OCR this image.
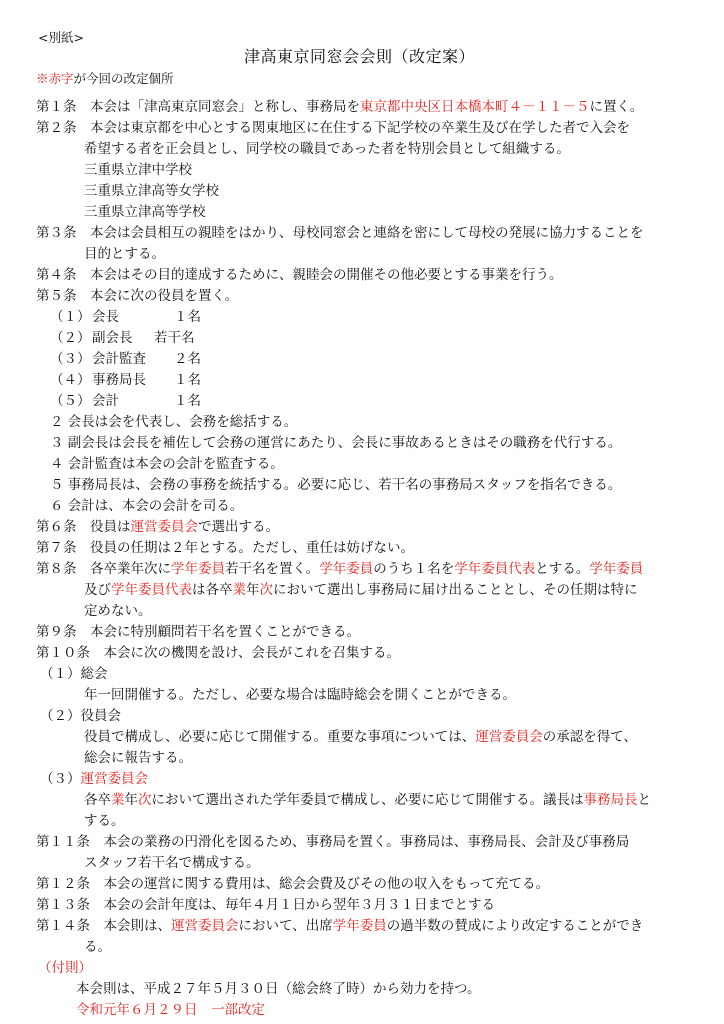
<別紙>
津高東京同窓会会則（改定案）
※赤字が今回の改定個所
第１条　本会は「津高東京同窓会」と称し、事務局を東京都中央区日本橋本町４－１１－５に置く。
第２条　本会は東京都を中心とする関東地区に在住する下記学校の卒業生及び在学した者で入会を
希望する者を正会員とし、同学校の職員であった者を特別会員として組織する。
三重県立津中学校
三重県立津高等女学校
三重県立津高等学校
第３条　本会は会員相互の親睦をはかり、母校同窓会と連絡を密にして母校の発展に協力することを
目的とする。
第４条　本会はその目的達成するために、親睦会の開催その他必要とする事業を行う。
第５条　本会に次の役員を置く。
（１） 会長	１名
（２） 副会長 若干名
（３） 会計監査 ２名
（４） 事務局長 １名
（５） 会計	１名
２ 会長は会を代表し、会務を総括する。
３ 副会長は会長を補佐して会務の運営にあたり、会長に事故あるときはその職務を代行する。
４ 会計監査は本会の会計を監査する。
５ 事務局長は、会務の事務を統括する。必要に応じ、若干名の事務局スタッフを指名できる。
６ 会計は、本会の会計を司る。
第６条　役員は運営委員会で選出する。
第７条　役員の任期は２年とする。ただし、重任は妨げない。
第８条　各卒業年次に学年委員若干名を置く。学年委員のうち１名を学年委員代表とする。学年委員
及び学年委員代表は各卒業年次において選出し事務局に届け出ることとし、その任期は特に
定めない。
第９条　本会に特別顧問若干名を置くことができる。
第１０条　本会に次の機関を設け、会長がこれを召集する。
（１）総会
年一回開催する。ただし、必要な場合は臨時総会を開くことができる。
（２）役員会
役員で構成し、必要に応じて開催する。重要な事項については、運営委員会の承認を得て、
総会に報告する。
（３）運営委員会
各卒業年次において選出された学年委員で構成し、必要に応じて開催する。議長は事務局長と
する。
第１１条　本会の業務の円滑化を図るため、事務局を置く。事務局は、事務局長、会計及び事務局
スタッフ若干名で構成する。
第１２条　本会の運営に関する費用は、総会会費及びその他の収入をもって充てる。
第１３条　本会の会計年度は、毎年４月１日から翌年３月３１日までとする
第１４条　本会則は、運営委員会において、出席学年委員の過半数の賛成により改定することができ
る。
（付則）
本会則は、平成２７年５月３０日（総会終了時）から効力を持つ。
令和元年６月２９日　一部改定
